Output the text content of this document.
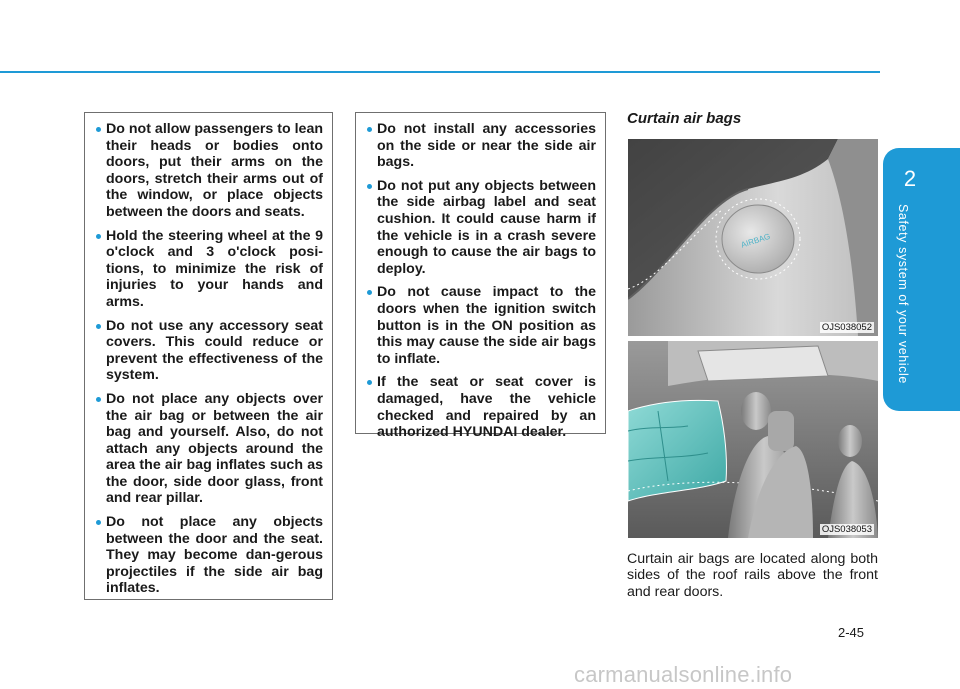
Do not allow passengers to lean their heads or bodies onto doors, put their arms on the doors, stretch their arms out of the window, or place objects between the doors and seats.
Hold the steering wheel at the 9 o'clock and 3 o'clock posi-tions, to minimize the risk of injuries to your hands and arms.
Do not use any accessory seat covers. This could reduce or prevent the effectiveness of the system.
Do not place any objects over the air bag or between the air bag and yourself. Also, do not attach any objects around the area the air bag inflates such as the door, side door glass, front and rear pillar.
Do not place any objects between the door and the seat. They may become dan-gerous projectiles if the side air bag inflates.
Do not install any accessories on the side or near the side air bags.
Do not put any objects between the side airbag label and seat cushion. It could cause harm if the vehicle is in a crash severe enough to cause the air bags to deploy.
Do not cause impact to the doors when the ignition switch button is in the ON position as this may cause the side air bags to inflate.
If the seat or seat cover is damaged, have the vehicle checked and repaired by an authorized HYUNDAI dealer.
Curtain air bags
AIRBAG
OJS038052
OJS038053
Curtain air bags are located along both sides of the roof rails above the front and rear doors.
2
Safety system of your vehicle
2-45
carmanualsonline.info
